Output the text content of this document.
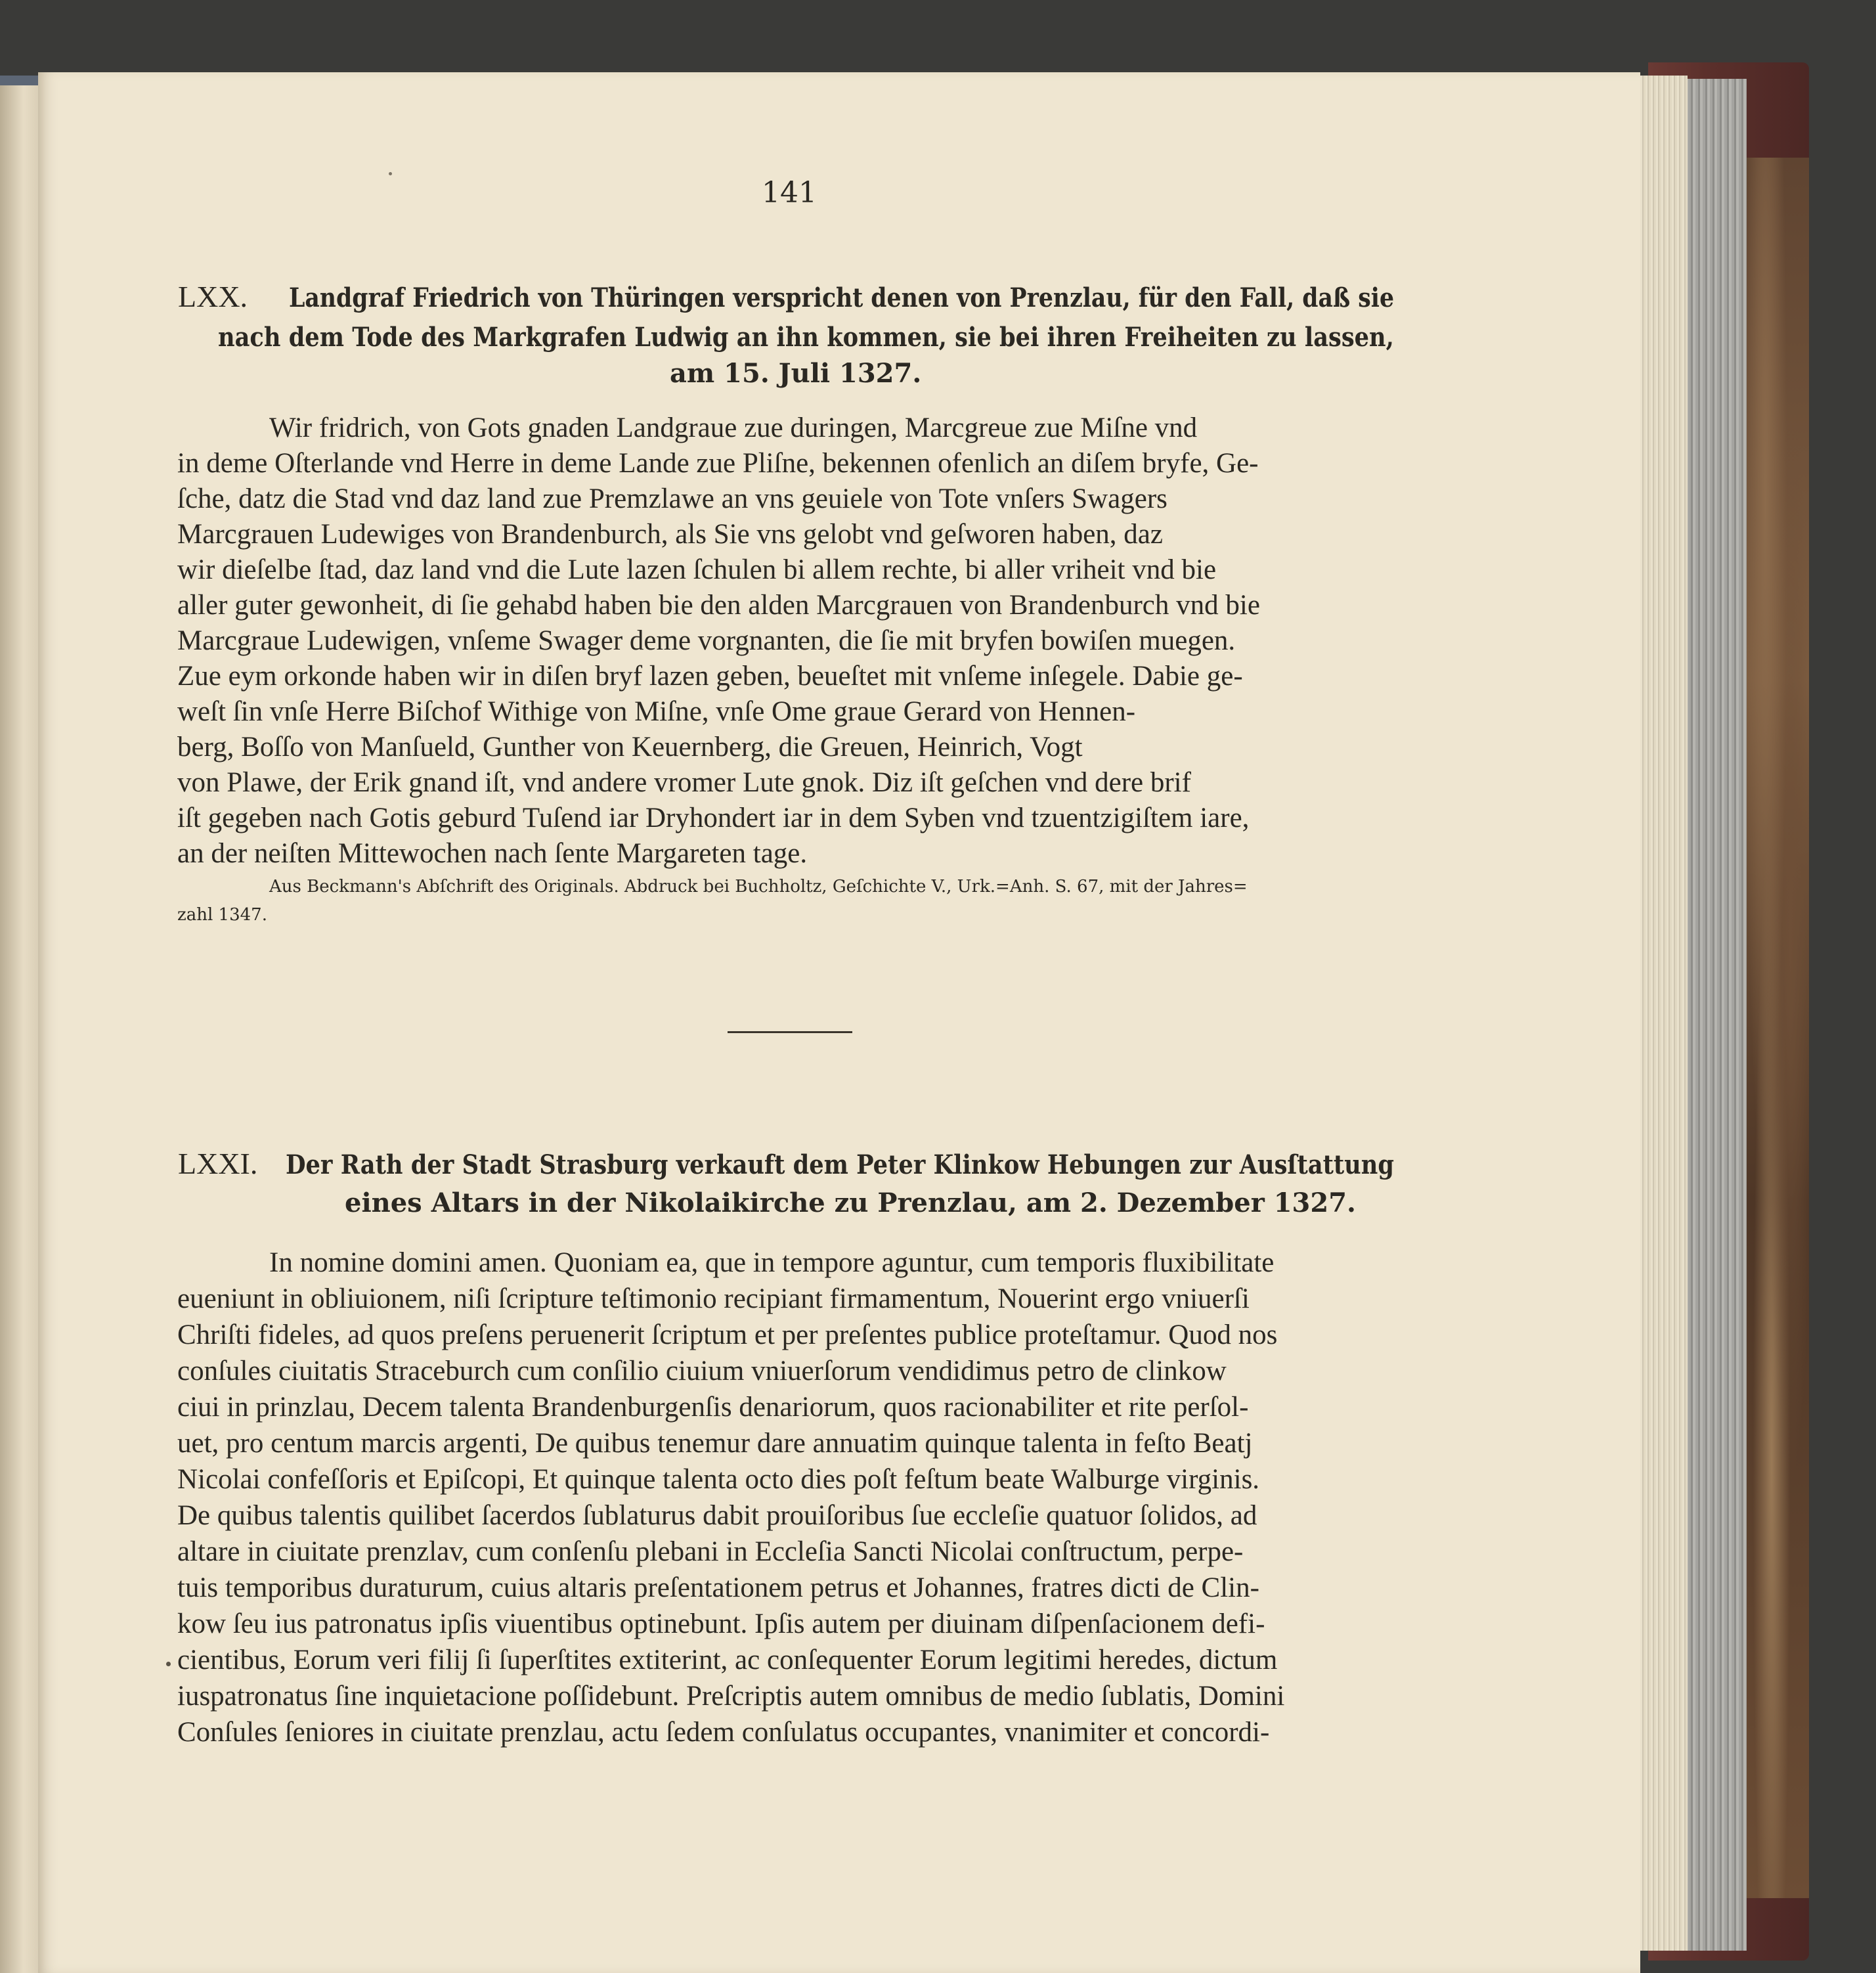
141
LXX. Landgraf Friedrich von Thüringen verspricht denen von Prenzlau, für den Fall, daß sie
nach dem Tode des Markgrafen Ludwig an ihn kommen, sie bei ihren Freiheiten zu lassen,
am 15. Juli 1327.
Wir fridrich, von Gots gnaden Landgraue zue duringen, Marcgreue zue Miſne vnd
in deme Oſterlande vnd Herre in deme Lande zue Pliſne, bekennen ofenlich an diſem bryfe, Ge-
ſche, datz die Stad vnd daz land zue Premzlawe an vns geuiele von Tote vnſers Swagers
Marcgrauen Ludewiges von Brandenburch, als Sie vns gelobt vnd geſworen haben, daz
wir dieſelbe ſtad, daz land vnd die Lute lazen ſchulen bi allem rechte, bi aller vriheit vnd bie
aller guter gewonheit, di ſie gehabd haben bie den alden Marcgrauen von Brandenburch vnd bie
Marcgraue Ludewigen, vnſeme Swager deme vorgnanten, die ſie mit bryfen bowiſen muegen.
Zue eym orkonde haben wir in diſen bryf lazen geben, beueſtet mit vnſeme inſegele. Dabie ge-
weſt ſin vnſe Herre Biſchof Withige von Miſne, vnſe Ome graue Gerard von Hennen-
berg, Boſſo von Manſueld, Gunther von Keuernberg, die Greuen, Heinrich, Vogt
von Plawe, der Erik gnand iſt, vnd andere vromer Lute gnok. Diz iſt geſchen vnd dere brif
iſt gegeben nach Gotis geburd Tuſend iar Dryhondert iar in dem Syben vnd tzuentzigiſtem iare,
an der neiſten Mittewochen nach ſente Margareten tage.
Aus Beckmann's Abſchrift des Originals. Abdruck bei Buchholtz, Geſchichte V., Urk.=Anh. S. 67, mit der Jahres=
zahl 1347.
LXXI. Der Rath der Stadt Strasburg verkauft dem Peter Klinkow Hebungen zur Ausſtattung
eines Altars in der Nikolaikirche zu Prenzlau, am 2. Dezember 1327.
In nomine domini amen. Quoniam ea, que in tempore aguntur, cum temporis fluxibilitate
eueniunt in obliuionem, niſi ſcripture teſtimonio recipiant firmamentum, Nouerint ergo vniuerſi
Chriſti fideles, ad quos preſens peruenerit ſcriptum et per preſentes publice proteſtamur. Quod nos
conſules ciuitatis Straceburch cum conſilio ciuium vniuerſorum vendidimus petro de clinkow
ciui in prinzlau, Decem talenta Brandenburgenſis denariorum, quos racionabiliter et rite perſol-
uet, pro centum marcis argenti, De quibus tenemur dare annuatim quinque talenta in feſto Beatj
Nicolai confeſſoris et Epiſcopi, Et quinque talenta octo dies poſt feſtum beate Walburge virginis.
De quibus talentis quilibet ſacerdos ſublaturus dabit prouiſoribus ſue eccleſie quatuor ſolidos, ad
altare in ciuitate prenzlav, cum conſenſu plebani in Eccleſia Sancti Nicolai conſtructum, perpe-
tuis temporibus duraturum, cuius altaris preſentationem petrus et Johannes, fratres dicti de Clin-
kow ſeu ius patronatus ipſis viuentibus optinebunt. Ipſis autem per diuinam diſpenſacionem defi-
cientibus, Eorum veri filij ſi ſuperſtites extiterint, ac conſequenter Eorum legitimi heredes, dictum
iuspatronatus ſine inquietacione poſſidebunt. Preſcriptis autem omnibus de medio ſublatis, Domini
Conſules ſeniores in ciuitate prenzlau, actu ſedem conſulatus occupantes, vnanimiter et concordi-
